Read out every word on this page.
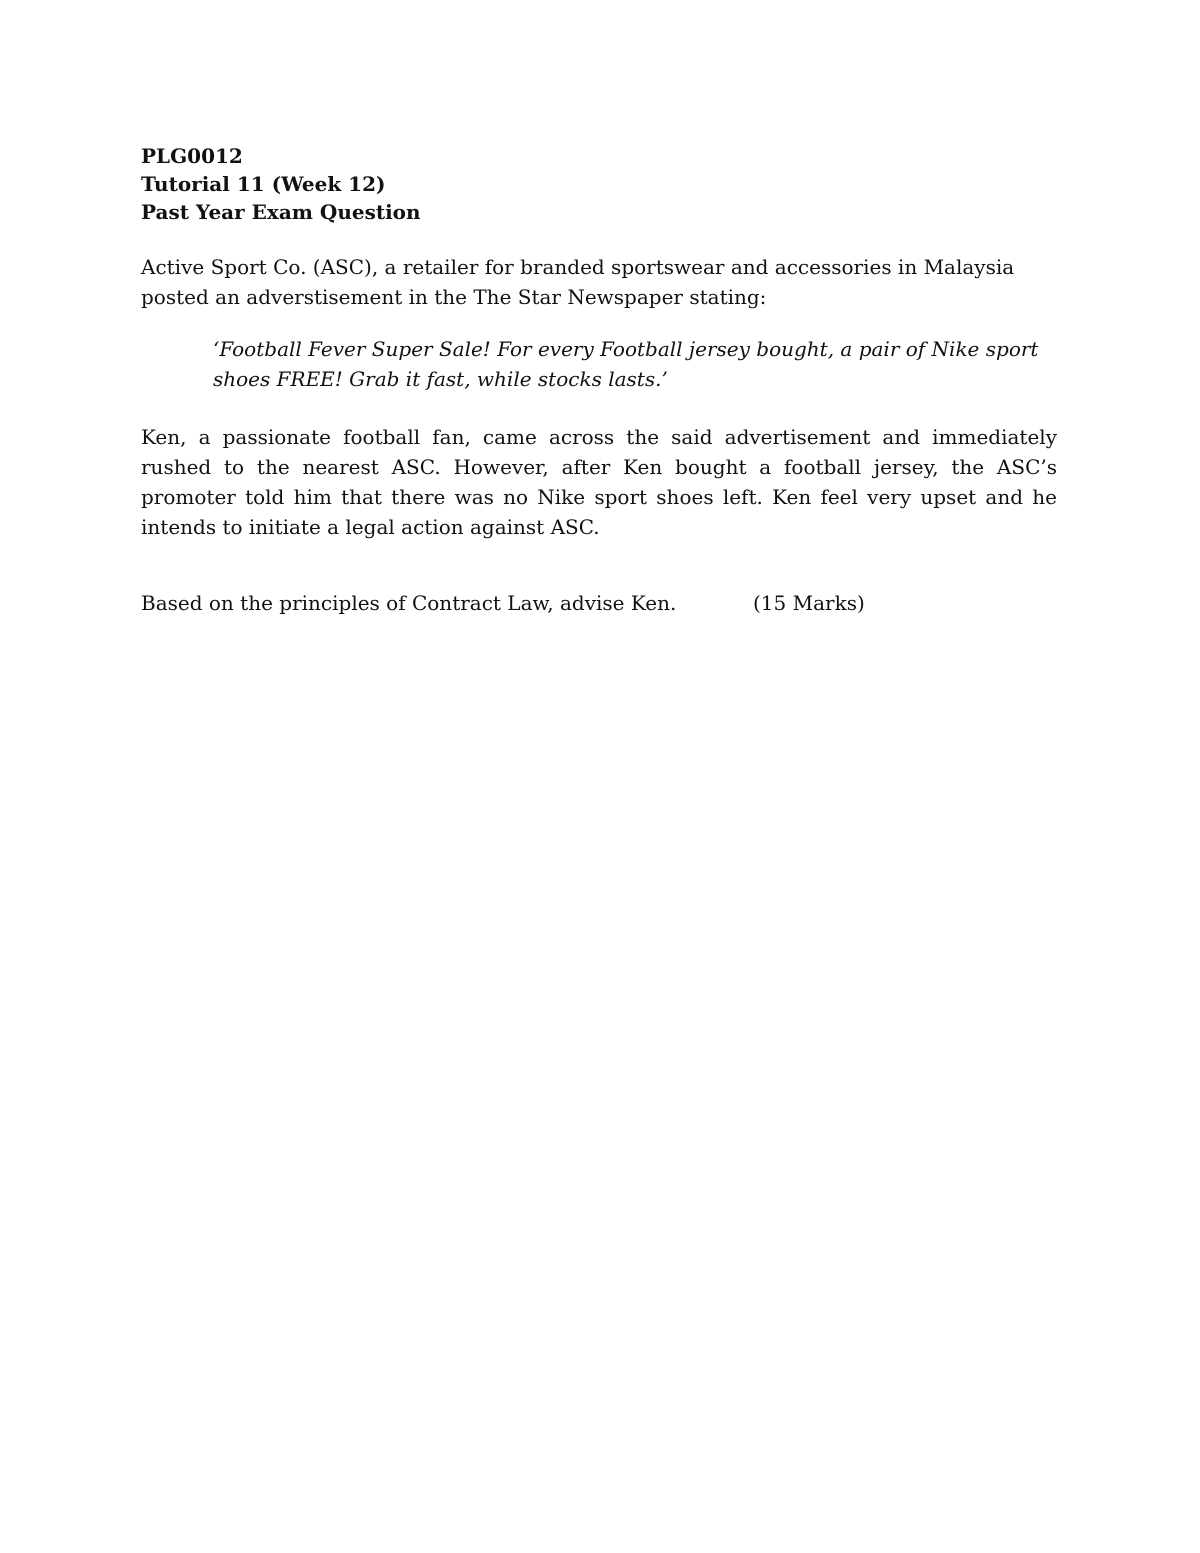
PLG0012
Tutorial 11 (Week 12)
Past Year Exam Question

Active Sport Co. (ASC), a retailer for branded sportswear and accessories in Malaysia posted an adverstisement in the The Star Newspaper stating:

‘Football Fever Super Sale! For every Football jersey bought, a pair of Nike sport shoes FREE! Grab it fast, while stocks lasts.’

Ken, a passionate football fan, came across the said advertisement and immediately rushed to the nearest ASC. However, after Ken bought a football jersey, the ASC’s promoter told him that there was no Nike sport shoes left. Ken feel very upset and he intends to initiate a legal action against ASC.

Based on the principles of Contract Law, advise Ken.	(15 Marks)
